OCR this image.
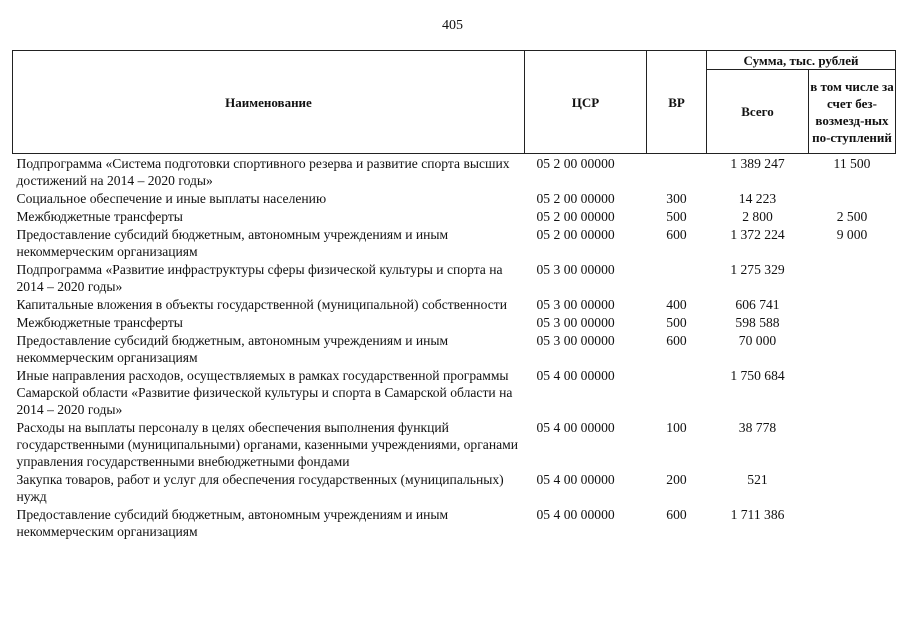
405
Наименование	ЦСР	ВР	Сумма, тыс. рублей	
			Всего	в том числе за счет без-возмезд-ных по-ступлений
Подпрограмма «Система подготовки спортивного резерва и развитие спорта высших достижений на 2014 – 2020 годы»	05 2 00 00000		1 389 247	11 500
Социальное обеспечение и иные выплаты населению	05 2 00 00000	300	14 223	
Межбюджетные трансферты	05 2 00 00000	500	2 800	2 500
Предоставление субсидий бюджетным, автономным учреждениям и иным некоммерческим организациям	05 2 00 00000	600	1 372 224	9 000
Подпрограмма «Развитие инфраструктуры сферы физической культуры и спорта на 2014 – 2020 годы»	05 3 00 00000		1 275 329	
Капитальные вложения в объекты государственной (муниципальной) собственности	05 3 00 00000	400	606 741	
Межбюджетные трансферты	05 3 00 00000	500	598 588	
Предоставление субсидий бюджетным, автономным учреждениям и иным некоммерческим организациям	05 3 00 00000	600	70 000	
Иные направления расходов, осуществляемых в рамках государственной программы Самарской области «Развитие физической культуры и спорта в Самарской области на 2014 – 2020 годы»	05 4 00 00000		1 750 684	
Расходы на выплаты персоналу в целях обеспечения выполнения функций государственными (муниципальными) органами, казенными учреждениями, органами управления государственными внебюджетными фондами	05 4 00 00000	100	38 778	
Закупка товаров, работ и услуг для обеспечения государственных (муниципальных) нужд	05 4 00 00000	200	521	
Предоставление субсидий бюджетным, автономным учреждениям и иным некоммерческим организациям	05 4 00 00000	600	1 711 386	
